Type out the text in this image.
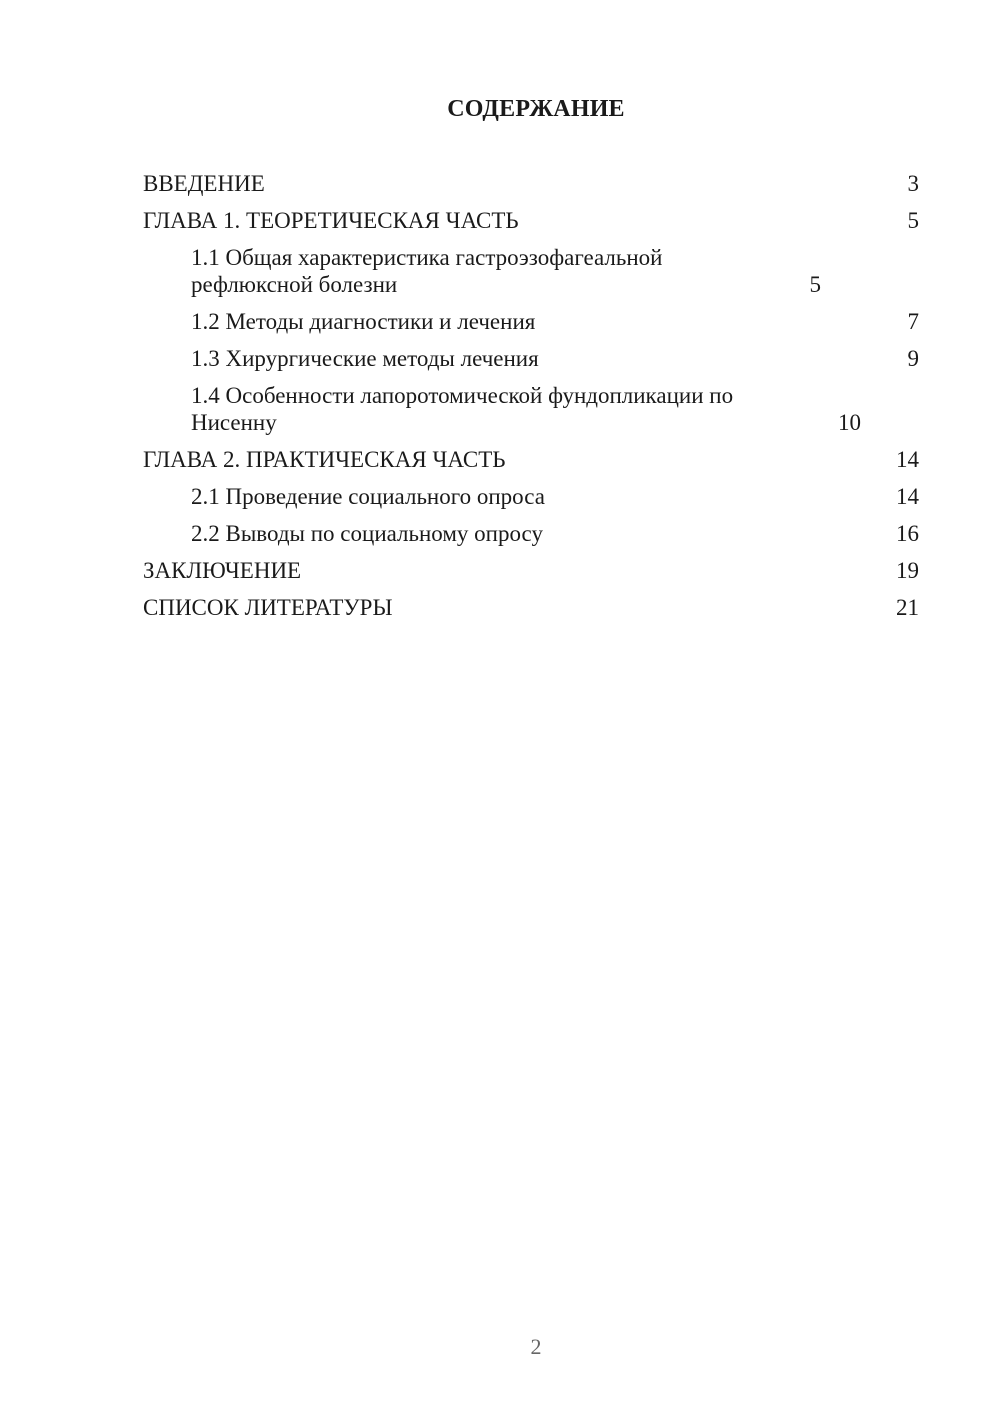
СОДЕРЖАНИЕ
ВВЕДЕНИЕ	3
ГЛАВА 1. ТЕОРЕТИЧЕСКАЯ ЧАСТЬ	5
1.1 Общая характеристика гастроэзофагеальной рефлюксной болезни	5
1.2 Методы диагностики и лечения	7
1.3 Хирургические методы лечения	9
1.4 Особенности лапоротомической фундопликации по Нисенну	10
ГЛАВА 2. ПРАКТИЧЕСКАЯ ЧАСТЬ	14
2.1 Проведение социального опроса	14
2.2 Выводы по социальному опросу	16
ЗАКЛЮЧЕНИЕ	19
СПИСОК ЛИТЕРАТУРЫ	21
2
